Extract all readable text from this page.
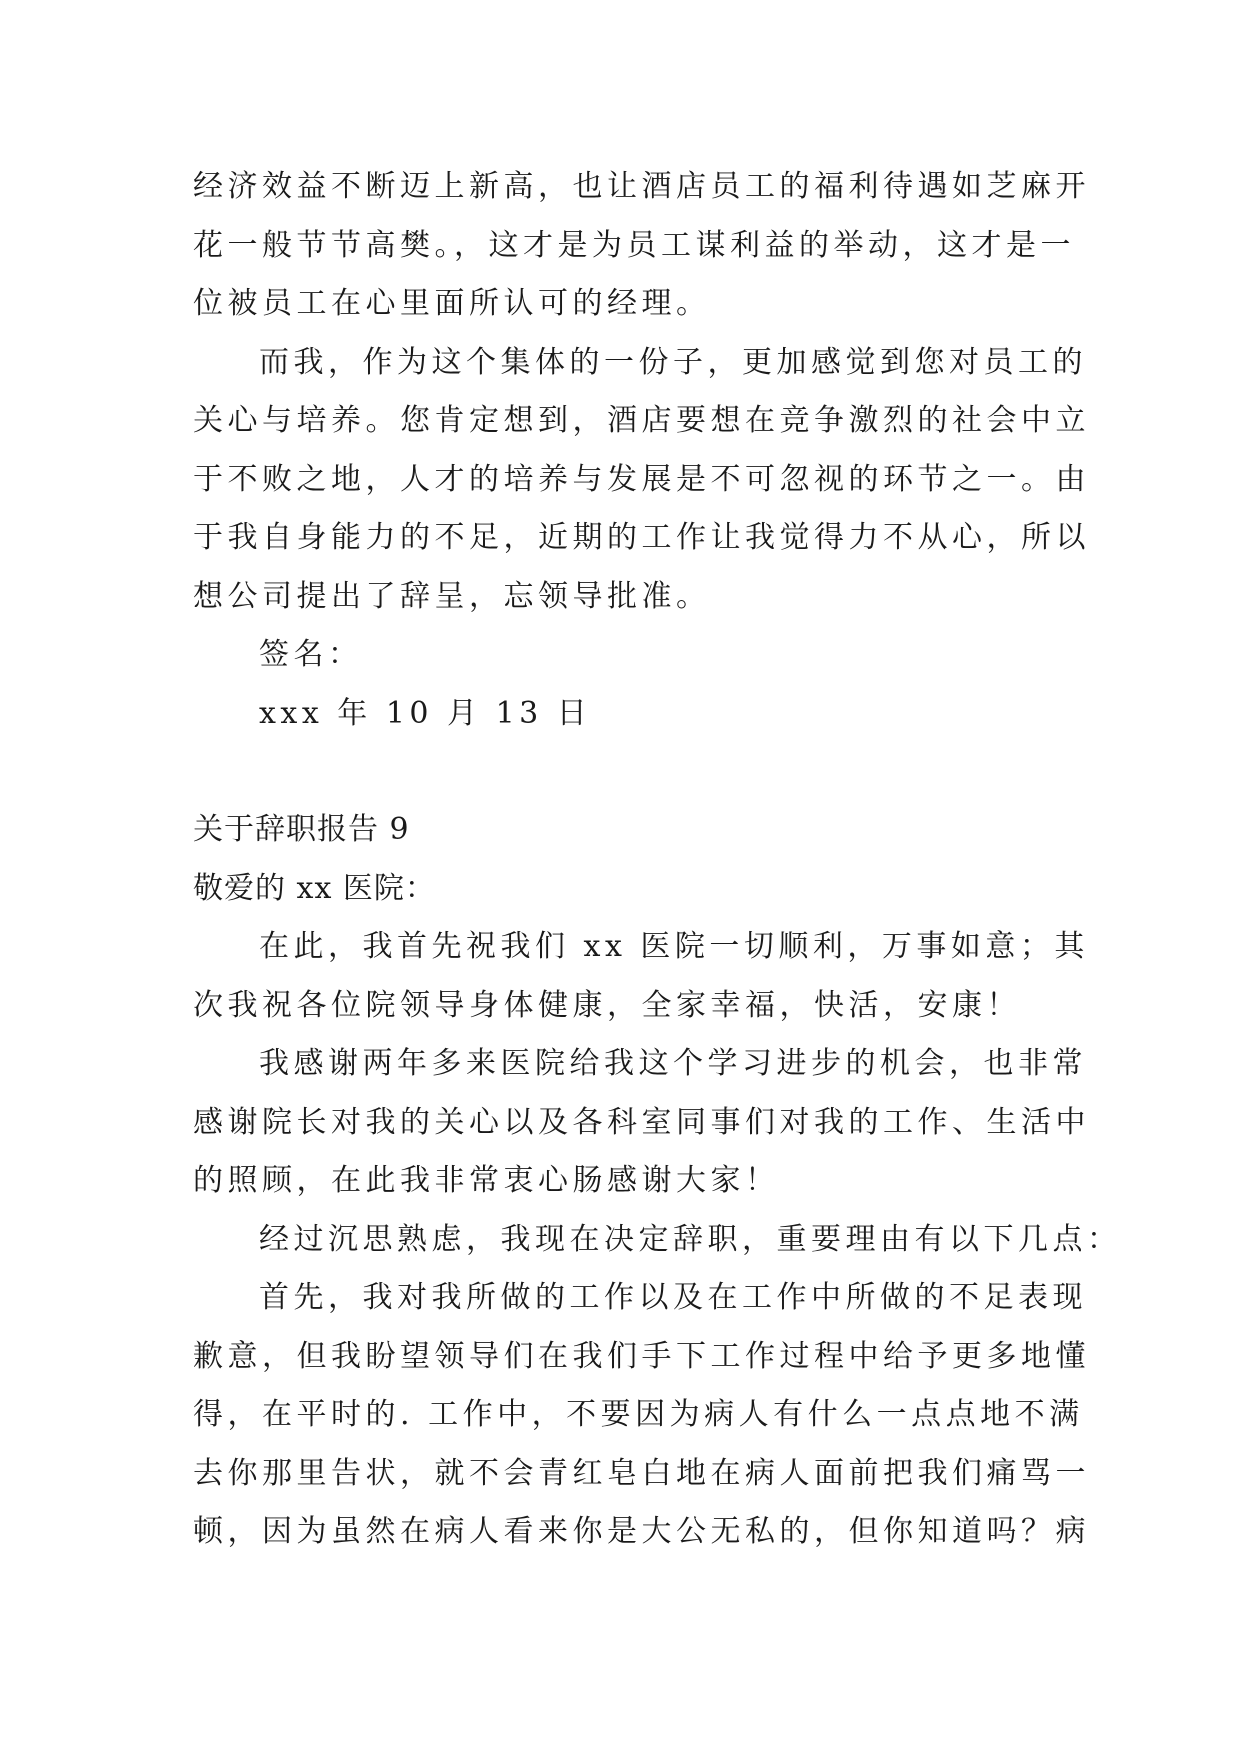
经济效益不断迈上新高，也让酒店员工的福利待遇如芝麻开
花一般节节高樊。，这才是为员工谋利益的举动，这才是一
位被员工在心里面所认可的经理。
而我，作为这个集体的一份子，更加感觉到您对员工的
关心与培养。您肯定想到，酒店要想在竞争激烈的社会中立
于不败之地，人才的培养与发展是不可忽视的环节之一。由
于我自身能力的不足，近期的工作让我觉得力不从心，所以
想公司提出了辞呈，忘领导批准。
签名：
xxx 年 10 月 13 日
关于辞职报告 9
敬爱的 xx 医院：
在此，我首先祝我们 xx 医院一切顺利，万事如意；其
次我祝各位院领导身体健康，全家幸福，快活，安康！
我感谢两年多来医院给我这个学习进步的机会，也非常
感谢院长对我的关心以及各科室同事们对我的工作、生活中
的照顾，在此我非常衷心肠感谢大家！
经过沉思熟虑，我现在决定辞职，重要理由有以下几点：
首先，我对我所做的工作以及在工作中所做的不足表现
歉意，但我盼望领导们在我们手下工作过程中给予更多地懂
得，在平时的. 工作中，不要因为病人有什么一点点地不满
去你那里告状，就不会青红皂白地在病人面前把我们痛骂一
顿，因为虽然在病人看来你是大公无私的，但你知道吗？病
